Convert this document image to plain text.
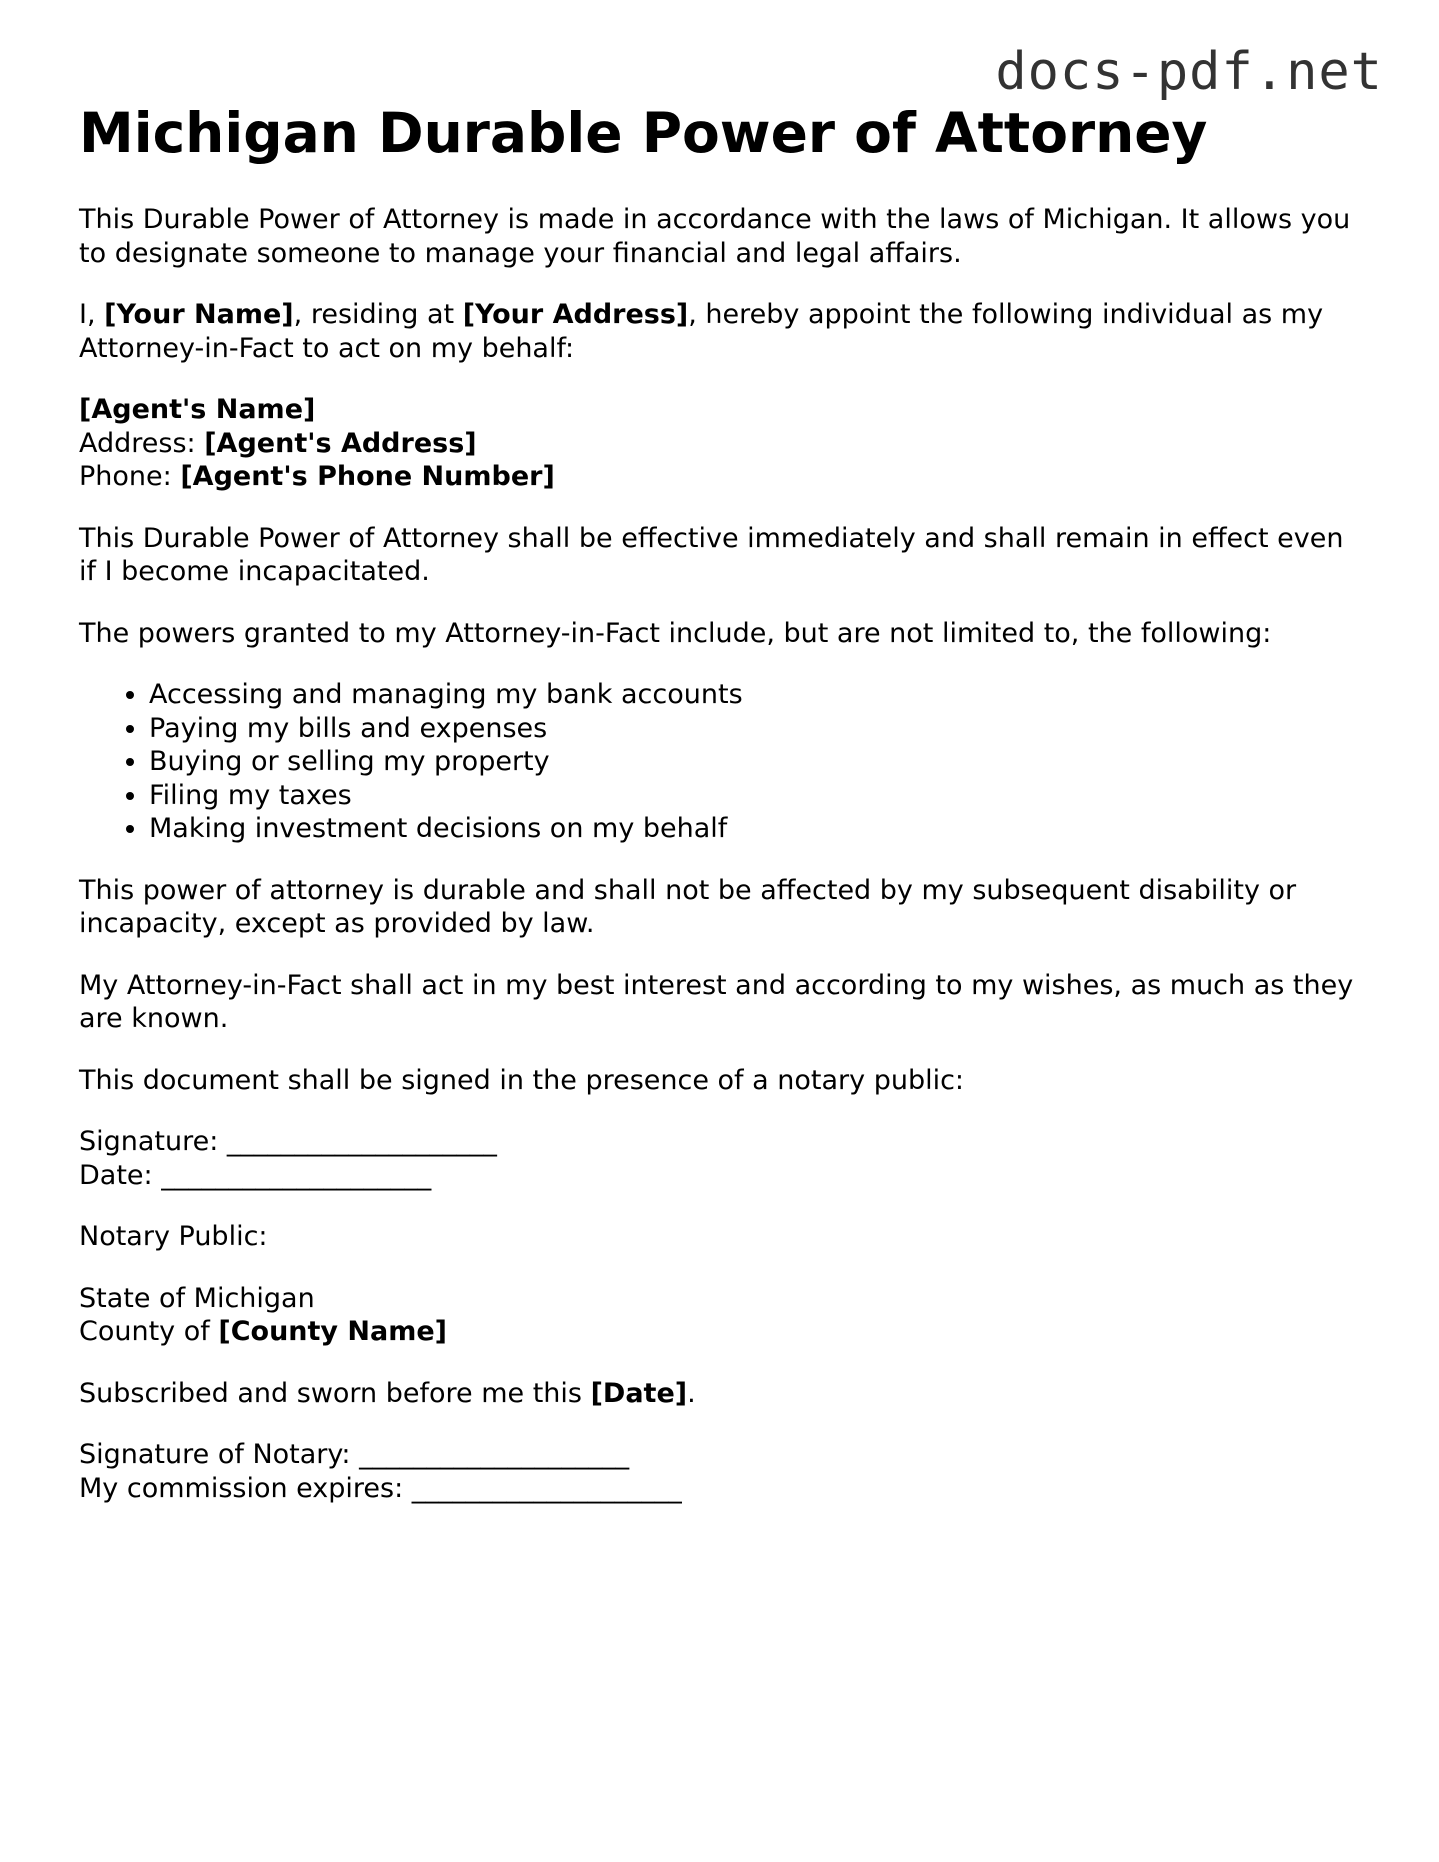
docs-pdf.net
Michigan Durable Power of Attorney

This Durable Power of Attorney is made in accordance with the laws of Michigan. It allows you to designate someone to manage your financial and legal affairs.

I, [Your Name], residing at [Your Address], hereby appoint the following individual as my Attorney-in-Fact to act on my behalf:

[Agent's Name]
Address: [Agent's Address]
Phone: [Agent's Phone Number]

This Durable Power of Attorney shall be effective immediately and shall remain in effect even if I become incapacitated.

The powers granted to my Attorney-in-Fact include, but are not limited to, the following:

• Accessing and managing my bank accounts
• Paying my bills and expenses
• Buying or selling my property
• Filing my taxes
• Making investment decisions on my behalf

This power of attorney is durable and shall not be affected by my subsequent disability or incapacity, except as provided by law.

My Attorney-in-Fact shall act in my best interest and according to my wishes, as much as they are known.

This document shall be signed in the presence of a notary public:

Signature: ____________________
Date: ____________________

Notary Public:

State of Michigan
County of [County Name]

Subscribed and sworn before me this [Date].

Signature of Notary: ____________________
My commission expires: ____________________
